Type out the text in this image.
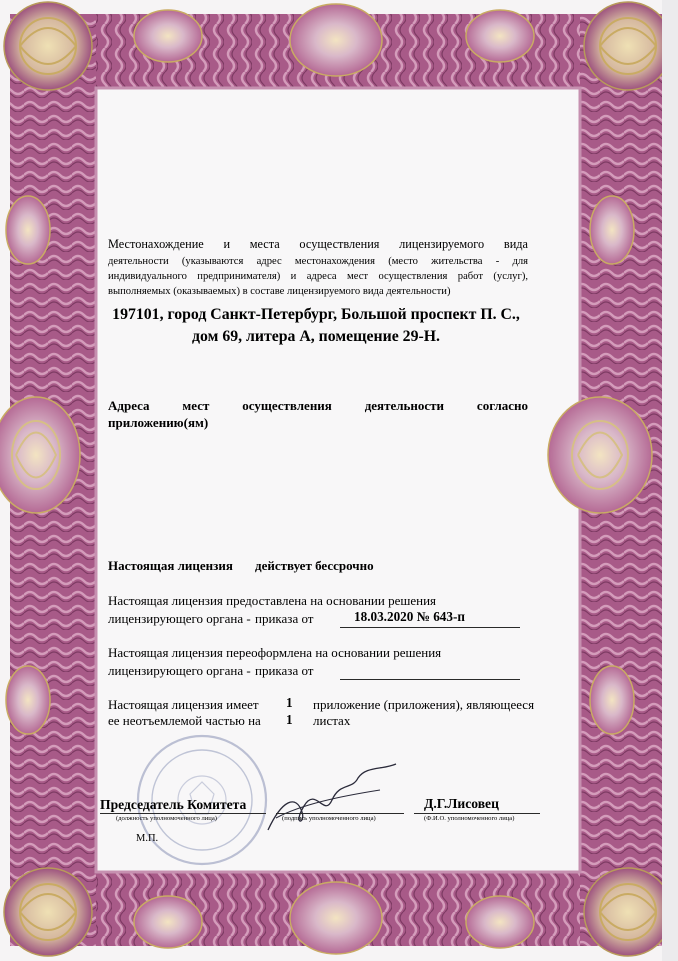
Местонахождение и места осуществления лицензируемого вида
деятельности (указываются адрес местонахождения (место жительства - для
индивидуального предпринимателя) и адреса мест осуществления работ (услуг),
выполняемых (оказываемых) в составе лицензируемого вида деятельности)
197101, город Санкт-Петербург, Большой проспект П. С.,
дом 69, литера А, помещение 29-Н.
Адреса мест осуществления деятельности согласно
приложению(ям)
Настоящая лицензия действует бессрочно
Настоящая лицензия предоставлена на основании решения
лицензирующего органа - приказа от	18.03.2020 № 643-п
Настоящая лицензия переоформлена на основании решения
лицензирующего органа - приказа от
Настоящая лицензия имеет 1 приложение (приложения), являющееся
ее неотъемлемой частью на 1 листах
Председатель Комитета
(должность уполномоченного лица)	(подпись уполномоченного лица)
Д.Г.Лисовец
(Ф.И.О. уполномоченного лица)
М.П.
